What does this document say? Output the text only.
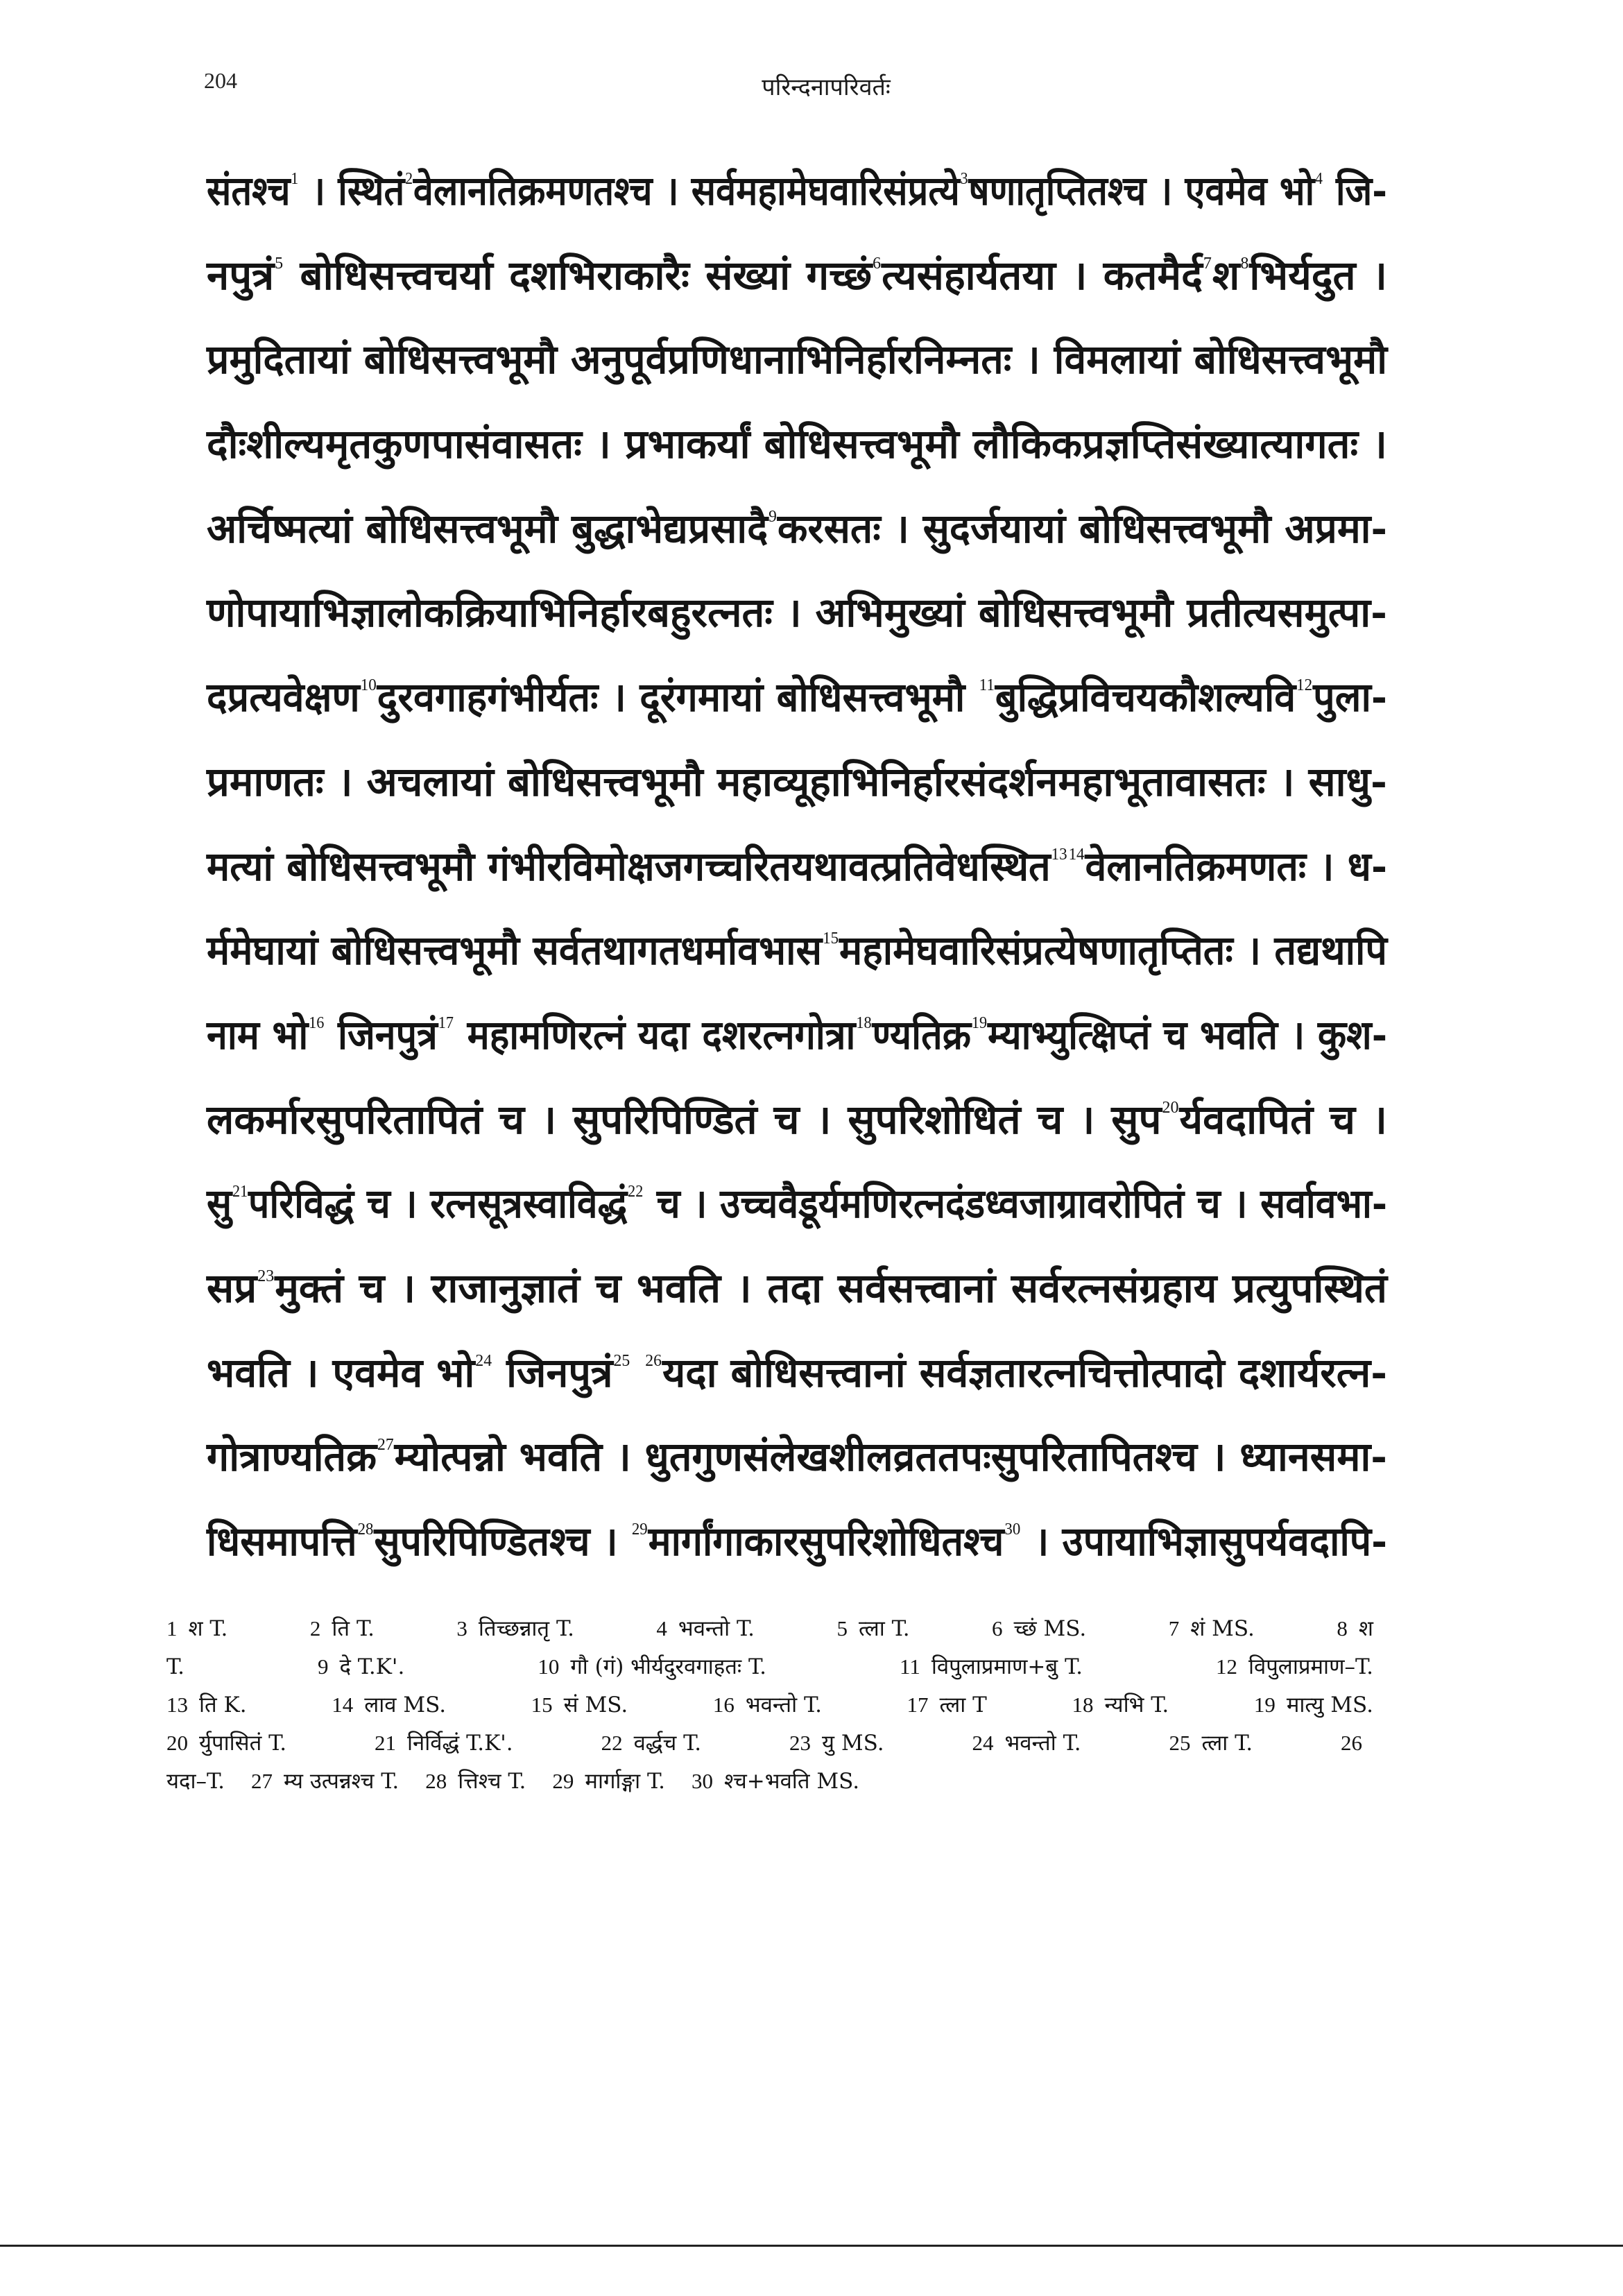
204	परिन्दनापरिवर्तः
संतश्च$^1$ । स्थितं$^2$वेलानतिक्रमणतश्च । सर्वमहामेघवारिसंप्रत्ये$^3$षणातृप्तितश्च । एवमेव भो$^4$ जि-
नपुत्रं$^5$ बोधिसत्त्वचर्या दशभिराकारैः संख्यां गच्छं$^6$त्यसंहार्यतया । कतमैर्द$^7$श$^8$भिर्यदुत ।
प्रमुदितायां बोधिसत्त्वभूमौ अनुपूर्वप्रणिधानाभिनिर्हारनिम्नतः । विमलायां बोधिसत्त्वभूमौ
दौःशील्यमृतकुणपासंवासतः । प्रभाकर्यां बोधिसत्त्वभूमौ लौकिकप्रज्ञप्तिसंख्यात्यागतः ।
अर्चिष्मत्यां बोधिसत्त्वभूमौ बुद्धाभेद्यप्रसादै$^9$करसतः । सुदर्जयायां बोधिसत्त्वभूमौ अप्रमा-
णोपायाभिज्ञालोकक्रियाभिनिर्हारबहुरत्नतः । अभिमुख्यां बोधिसत्त्वभूमौ प्रतीत्यसमुत्पा-
दप्रत्यवेक्षण$^{10}$दुरवगाहगंभीर्यतः । दूरंगमायां बोधिसत्त्वभूमौ $^{11}$बुद्धिप्रविचयकौशल्यवि$^{12}$पुला-
प्रमाणतः । अचलायां बोधिसत्त्वभूमौ महाव्यूहाभिनिर्हारसंदर्शनमहाभूतावासतः । साधु-
मत्यां बोधिसत्त्वभूमौ गंभीरविमोक्षजगच्चरितयथावत्प्रतिवेधस्थित$^{1314}$वेलानतिक्रमणतः । ध-
र्ममेघायां बोधिसत्त्वभूमौ सर्वतथागतधर्मावभास$^{15}$महामेघवारिसंप्रत्येषणातृप्तितः । तद्यथापि
नाम भो$^{16}$ जिनपुत्रं$^{17}$ महामणिरत्नं यदा दशरत्नगोत्रा$^{18}$ण्यतिक्र$^{19}$म्याभ्युत्क्षिप्तं च भवति । कुश-
लकर्मारसुपरितापितं च । सुपरिपिण्डितं च । सुपरिशोधितं च । सुप$^{20}$र्यवदापितं च ।
सु$^{21}$परिविद्धं च । रत्नसूत्रस्वाविद्धं$^{22}$ च । उच्चवैडूर्यमणिरत्नदंडध्वजाग्रावरोपितं च । सर्वावभा-
सप्र$^{23}$मुक्तं च । राजानुज्ञातं च भवति । तदा सर्वसत्त्वानां सर्वरत्नसंग्रहाय प्रत्युपस्थितं
भवति । एवमेव भो$^{24}$ जिनपुत्रं$^{25}$ $^{26}$यदा बोधिसत्त्वानां सर्वज्ञतारत्नचित्तोत्पादो दशार्यरत्न-
गोत्राण्यतिक्र$^{27}$म्योत्पन्नो भवति । धुतगुणसंलेखशीलव्रततपःसुपरितापितश्च । ध्यानसमा-
धिसमापत्ति$^{28}$सुपरिपिण्डितश्च । $^{29}$मार्गांगाकारसुपरिशोधितश्च$^{30}$ । उपायाभिज्ञासुपर्यवदापि-
1 श T.	2 ति T.	3 तिच्छन्नातृ T.	4 भवन्तो T.	5 त्ला T.	6 च्छं MS.	7 शं MS.	8 श
T.	9 दे T.K'.	10 गौ (गं) भीर्यदुरवगाहतः T.	11 विपुलाप्रमाण+बु T.	12 विपुलाप्रमाण–T.
13 ति K.	14 लाव MS.	15 सं MS.	16 भवन्तो T.	17 त्ला T	18 न्यभि T.	19 मात्यु MS.
20 र्युपासितं T.	21 निर्विद्धं T.K'.	22 वर्द्धच T.	23 यु MS.	24 भवन्तो T.	25 त्ला T.	26
यदा–T. 27 म्य उत्पन्नश्च T. 28 त्तिश्च T. 29 मार्गाङ्गा T. 30 श्च+भवति MS.
